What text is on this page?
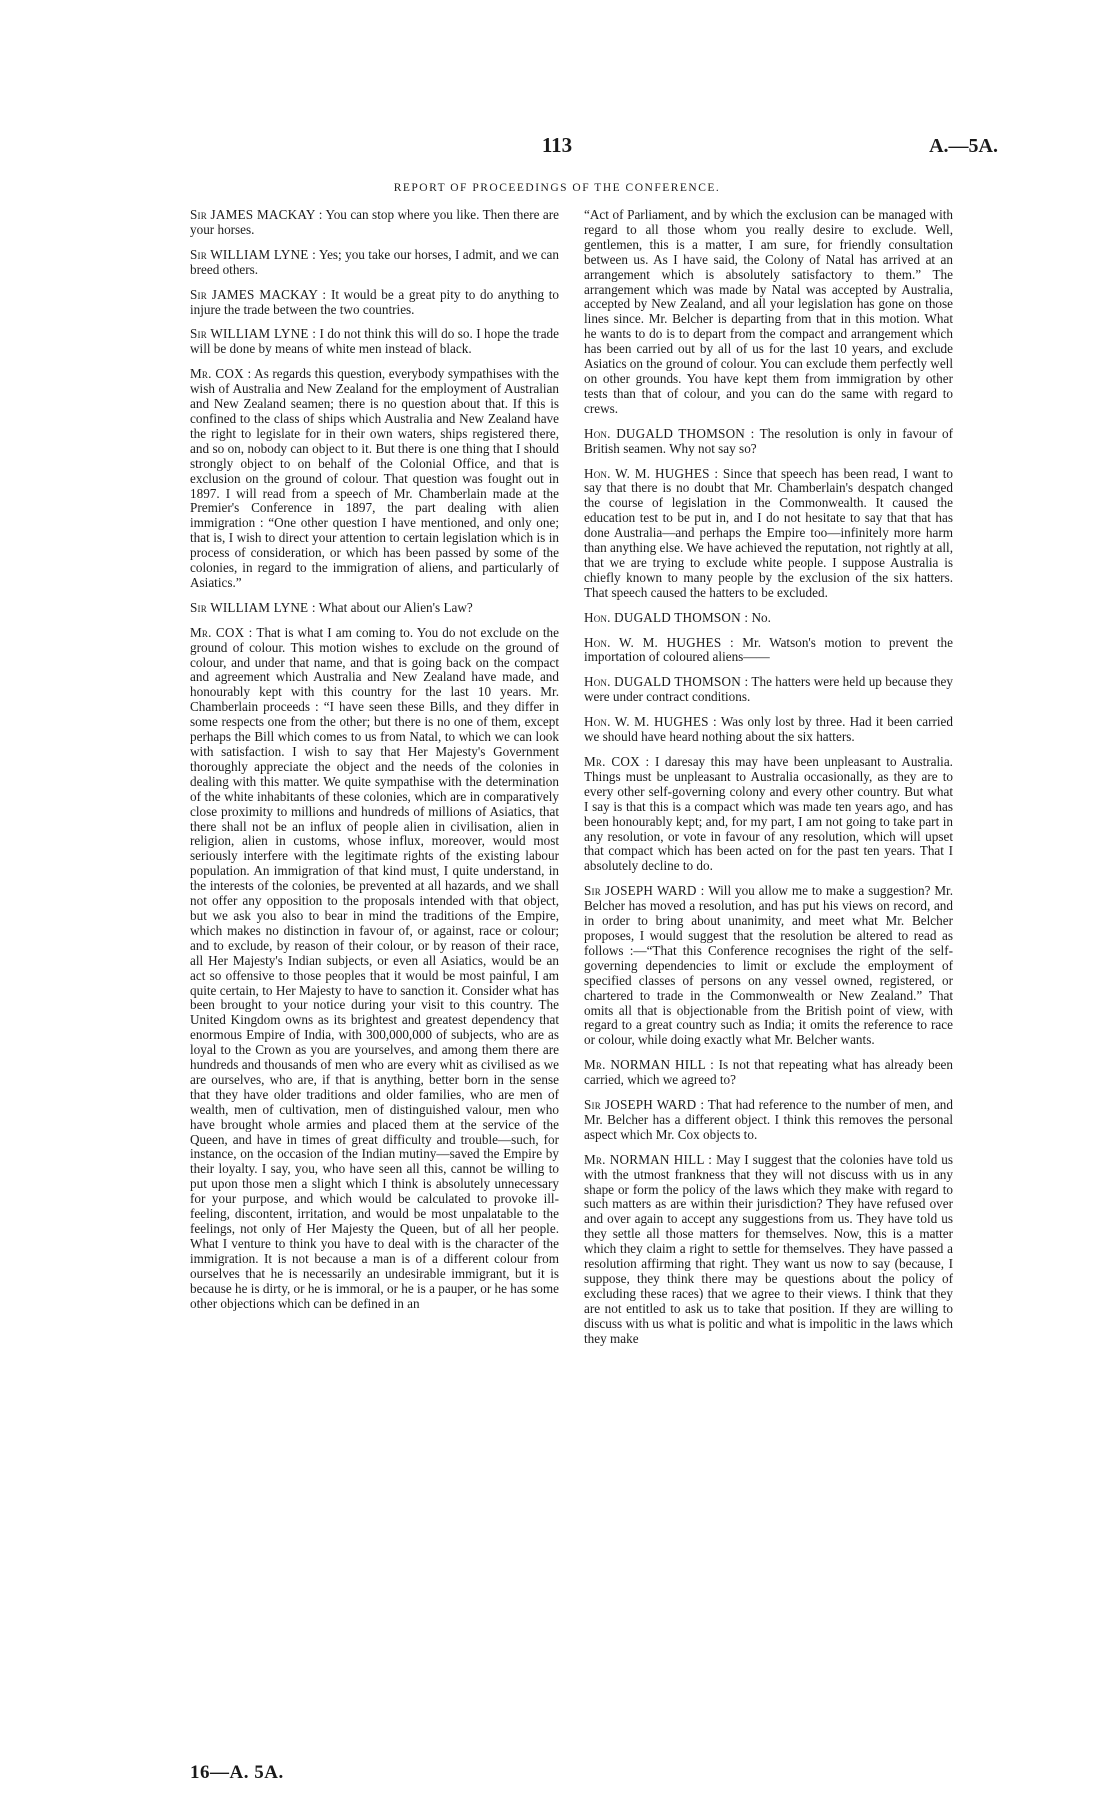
113	A.—5A.
REPORT OF PROCEEDINGS OF THE CONFERENCE.

Sir JAMES MACKAY : You can stop where you like. Then there are your horses.

Sir WILLIAM LYNE : Yes; you take our horses, I admit, and we can breed others.

Sir JAMES MACKAY : It would be a great pity to do anything to injure the trade between the two countries.

Sir WILLIAM LYNE : I do not think this will do so. I hope the trade will be done by means of white men instead of black.

Mr. COX : As regards this question, everybody sympathises with the wish of Australia and New Zealand for the employment of Australian and New Zealand seamen; there is no question about that. If this is confined to the class of ships which Australia and New Zealand have the right to legislate for in their own waters, ships registered there, and so on, nobody can object to it. But there is one thing that I should strongly object to on behalf of the Colonial Office, and that is exclusion on the ground of colour. That question was fought out in 1897. I will read from a speech of Mr. Chamberlain made at the Premier's Conference in 1897, the part dealing with alien immigration : “One other question I have mentioned, and only one; that is, I wish to direct your attention to certain legislation which is in process of consideration, or which has been passed by some of the colonies, in regard to the immigration of aliens, and particularly of Asiatics.”

Sir WILLIAM LYNE : What about our Alien's Law?

Mr. COX : That is what I am coming to. You do not exclude on the ground of colour. This motion wishes to exclude on the ground of colour, and under that name, and that is going back on the compact and agreement which Australia and New Zealand have made, and honourably kept with this country for the last 10 years. Mr. Chamberlain proceeds : “I have seen these Bills, and they differ in some respects one from the other; but there is no one of them, except perhaps the Bill which comes to us from Natal, to which we can look with satisfaction. I wish to say that Her Majesty's Government thoroughly appreciate the object and the needs of the colonies in dealing with this matter. We quite sympathise with the determination of the white inhabitants of these colonies, which are in comparatively close proximity to millions and hundreds of millions of Asiatics, that there shall not be an influx of people alien in civilisation, alien in religion, alien in customs, whose influx, moreover, would most seriously interfere with the legitimate rights of the existing labour population. An immigration of that kind must, I quite understand, in the interests of the colonies, be prevented at all hazards, and we shall not offer any opposition to the proposals intended with that object, but we ask you also to bear in mind the traditions of the Empire, which makes no distinction in favour of, or against, race or colour; and to exclude, by reason of their colour, or by reason of their race, all Her Majesty's Indian subjects, or even all Asiatics, would be an act so offensive to those peoples that it would be most painful, I am quite certain, to Her Majesty to have to sanction it. Consider what has been brought to your notice during your visit to this country. The United Kingdom owns as its brightest and greatest dependency that enormous Empire of India, with 300,000,000 of subjects, who are as loyal to the Crown as you are yourselves, and among them there are hundreds and thousands of men who are every whit as civilised as we are ourselves, who are, if that is anything, better born in the sense that they have older traditions and older families, who are men of wealth, men of cultivation, men of distinguished valour, men who have brought whole armies and placed them at the service of the Queen, and have in times of great difficulty and trouble—such, for instance, on the occasion of the Indian mutiny—saved the Empire by their loyalty. I say, you, who have seen all this, cannot be willing to put upon those men a slight which I think is absolutely unnecessary for your purpose, and which would be calculated to provoke ill-feeling, discontent, irritation, and would be most unpalatable to the feelings, not only of Her Majesty the Queen, but of all her people. What I venture to think you have to deal with is the character of the immigration. It is not because a man is of a different colour from ourselves that he is necessarily an undesirable immigrant, but it is because he is dirty, or he is immoral, or he is a pauper, or he has some other objections which can be defined in an

“Act of Parliament, and by which the exclusion can be managed with regard to all those whom you really desire to exclude. Well, gentlemen, this is a matter, I am sure, for friendly consultation between us. As I have said, the Colony of Natal has arrived at an arrangement which is absolutely satisfactory to them.” The arrangement which was made by Natal was accepted by Australia, accepted by New Zealand, and all your legislation has gone on those lines since. Mr. Belcher is departing from that in this motion. What he wants to do is to depart from the compact and arrangement which has been carried out by all of us for the last 10 years, and exclude Asiatics on the ground of colour. You can exclude them perfectly well on other grounds. You have kept them from immigration by other tests than that of colour, and you can do the same with regard to crews.

Hon. DUGALD THOMSON : The resolution is only in favour of British seamen. Why not say so?

Hon. W. M. HUGHES : Since that speech has been read, I want to say that there is no doubt that Mr. Chamberlain's despatch changed the course of legislation in the Commonwealth. It caused the education test to be put in, and I do not hesitate to say that that has done Australia—and perhaps the Empire too—infinitely more harm than anything else. We have achieved the reputation, not rightly at all, that we are trying to exclude white people. I suppose Australia is chiefly known to many people by the exclusion of the six hatters. That speech caused the hatters to be excluded.

Hon. DUGALD THOMSON : No.

Hon. W. M. HUGHES : Mr. Watson's motion to prevent the importation of coloured aliens——

Hon. DUGALD THOMSON : The hatters were held up because they were under contract conditions.

Hon. W. M. HUGHES : Was only lost by three. Had it been carried we should have heard nothing about the six hatters.

Mr. COX : I daresay this may have been unpleasant to Australia. Things must be unpleasant to Australia occasionally, as they are to every other self-governing colony and every other country. But what I say is that this is a compact which was made ten years ago, and has been honourably kept; and, for my part, I am not going to take part in any resolution, or vote in favour of any resolution, which will upset that compact which has been acted on for the past ten years. That I absolutely decline to do.

Sir JOSEPH WARD : Will you allow me to make a suggestion? Mr. Belcher has moved a resolution, and has put his views on record, and in order to bring about unanimity, and meet what Mr. Belcher proposes, I would suggest that the resolution be altered to read as follows :—“That this Conference recognises the right of the self-governing dependencies to limit or exclude the employment of specified classes of persons on any vessel owned, registered, or chartered to trade in the Commonwealth or New Zealand.” That omits all that is objectionable from the British point of view, with regard to a great country such as India; it omits the reference to race or colour, while doing exactly what Mr. Belcher wants.

Mr. NORMAN HILL : Is not that repeating what has already been carried, which we agreed to?

Sir JOSEPH WARD : That had reference to the number of men, and Mr. Belcher has a different object. I think this removes the personal aspect which Mr. Cox objects to.

Mr. NORMAN HILL : May I suggest that the colonies have told us with the utmost frankness that they will not discuss with us in any shape or form the policy of the laws which they make with regard to such matters as are within their jurisdiction? They have refused over and over again to accept any suggestions from us. They have told us they settle all those matters for themselves. Now, this is a matter which they claim a right to settle for themselves. They have passed a resolution affirming that right. They want us now to say (because, I suppose, they think there may be questions about the policy of excluding these races) that we agree to their views. I think that they are not entitled to ask us to take that position. If they are willing to discuss with us what is politic and what is impolitic in the laws which they make

16—A. 5A.
